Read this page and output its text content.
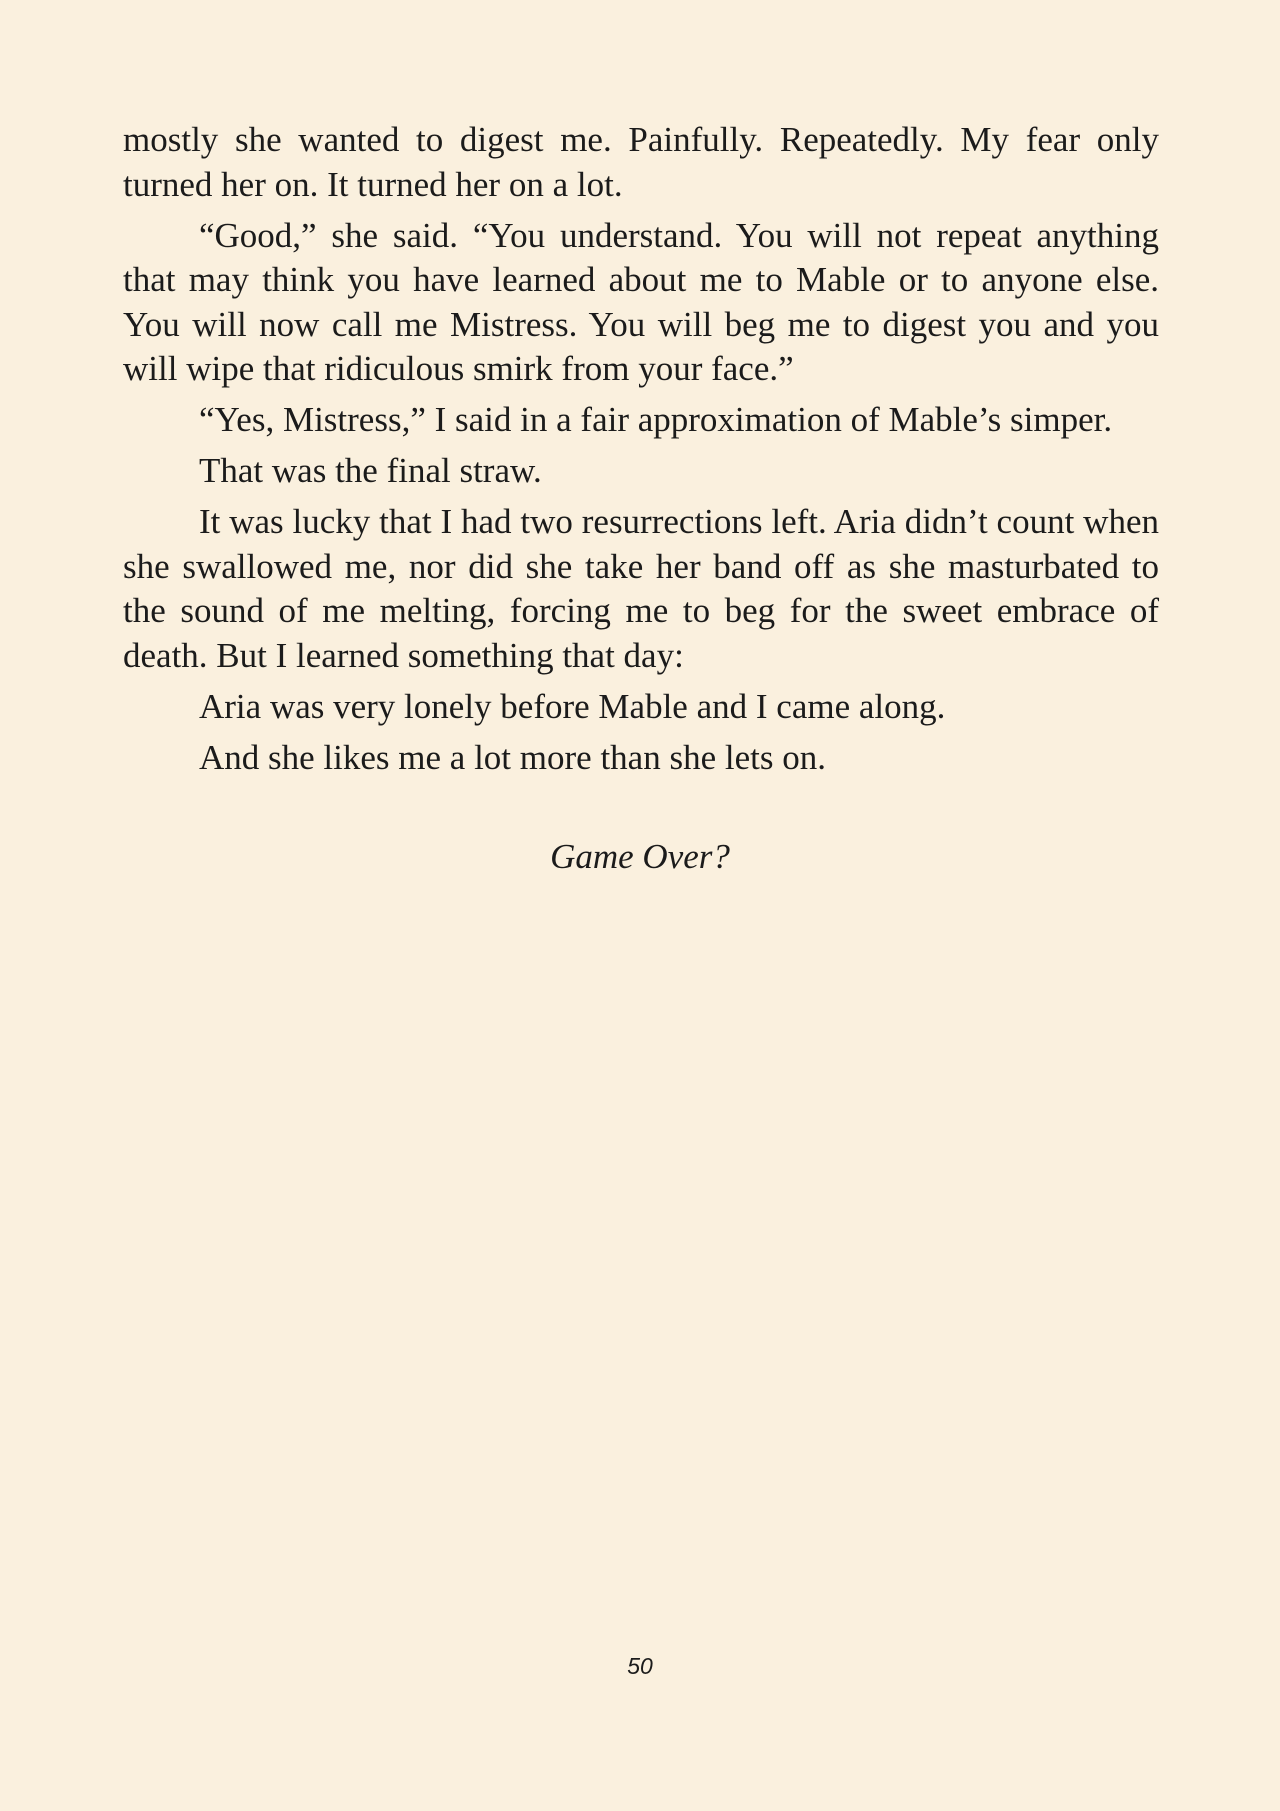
mostly she wanted to digest me. Painfully. Repeatedly. My fear only turned her on. It turned her on a lot.

“Good,” she said. “You understand. You will not repeat anything that may think you have learned about me to Mable or to anyone else. You will now call me Mistress. You will beg me to digest you and you will wipe that ridiculous smirk from your face.”

“Yes, Mistress,” I said in a fair approximation of Mable’s simper.

That was the final straw.

It was lucky that I had two resurrections left. Aria didn’t count when she swallowed me, nor did she take her band off as she masturbated to the sound of me melting, forcing me to beg for the sweet embrace of death. But I learned something that day:

Aria was very lonely before Mable and I came along.

And she likes me a lot more than she lets on.

Game Over?
50
